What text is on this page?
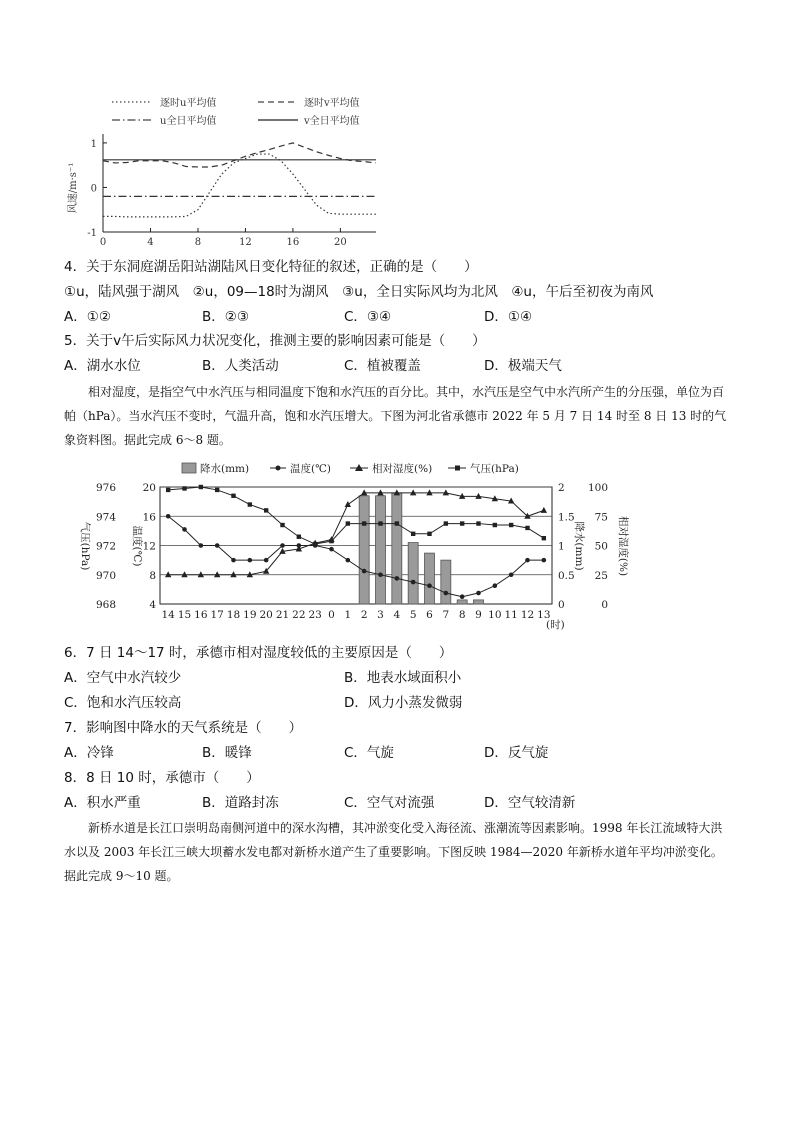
逐时u平均值	逐时v平均值
u全日平均值	v全日平均值
1
0
-1
0	4	8	12	16	20
风速/m·s⁻¹
4．关于东洞庭湖岳阳站湖陆风日变化特征的叙述，正确的是（　　）
①u，陆风强于湖风　②u，09—18时为湖风　③u，全日实际风均为北风　④u，午后至初夜为南风
A．①②	B．②③	C．③④	D．①④
5．关于v午后实际风力状况变化，推测主要的影响因素可能是（　　）
A．湖水水位	B．人类活动	C．植被覆盖	D．极端天气
相对湿度，是指空气中水汽压与相同温度下饱和水汽压的百分比。其中，水汽压是空气中水汽所产生的分压强，单位为百帕（hPa）。当水汽压不变时，气温升高，饱和水汽压增大。下图为河北省承德市 2022 年 5 月 7 日 14 时至 8 日 13 时的气象资料图。据此完成 6～8 题。
降水(mm)	温度(℃)	相对湿度(%)	气压(hPa)
976
974
972
970
968
20
16
12
8
4
2
1.5
1
0.5
0
100
75
50
25
0
14 15 16 17 18 19 20 21 22 23 0 1 2 3 4 5 6 7 8 9 10 11 12 13
气压(hPa)	温度(℃)	降水(mm)	相对湿度(%)
(时)
6．7 日 14～17 时，承德市相对湿度较低的主要原因是（　　）
A．空气中水汽较少	B．地表水域面积小
C．饱和水汽压较高	D．风力小蒸发微弱
7．影响图中降水的天气系统是（　　）
A．冷锋	B．暖锋	C．气旋	D．反气旋
8．8 日 10 时，承德市（　　）
A．积水严重	B．道路封冻	C．空气对流强	D．空气较清新
新桥水道是长江口崇明岛南侧河道中的深水沟槽，其冲淤变化受入海径流、涨潮流等因素影响。1998 年长江流域特大洪水以及 2003 年长江三峡大坝蓄水发电都对新桥水道产生了重要影响。下图反映 1984—2020 年新桥水道年平均冲淤变化。据此完成 9～10 题。
